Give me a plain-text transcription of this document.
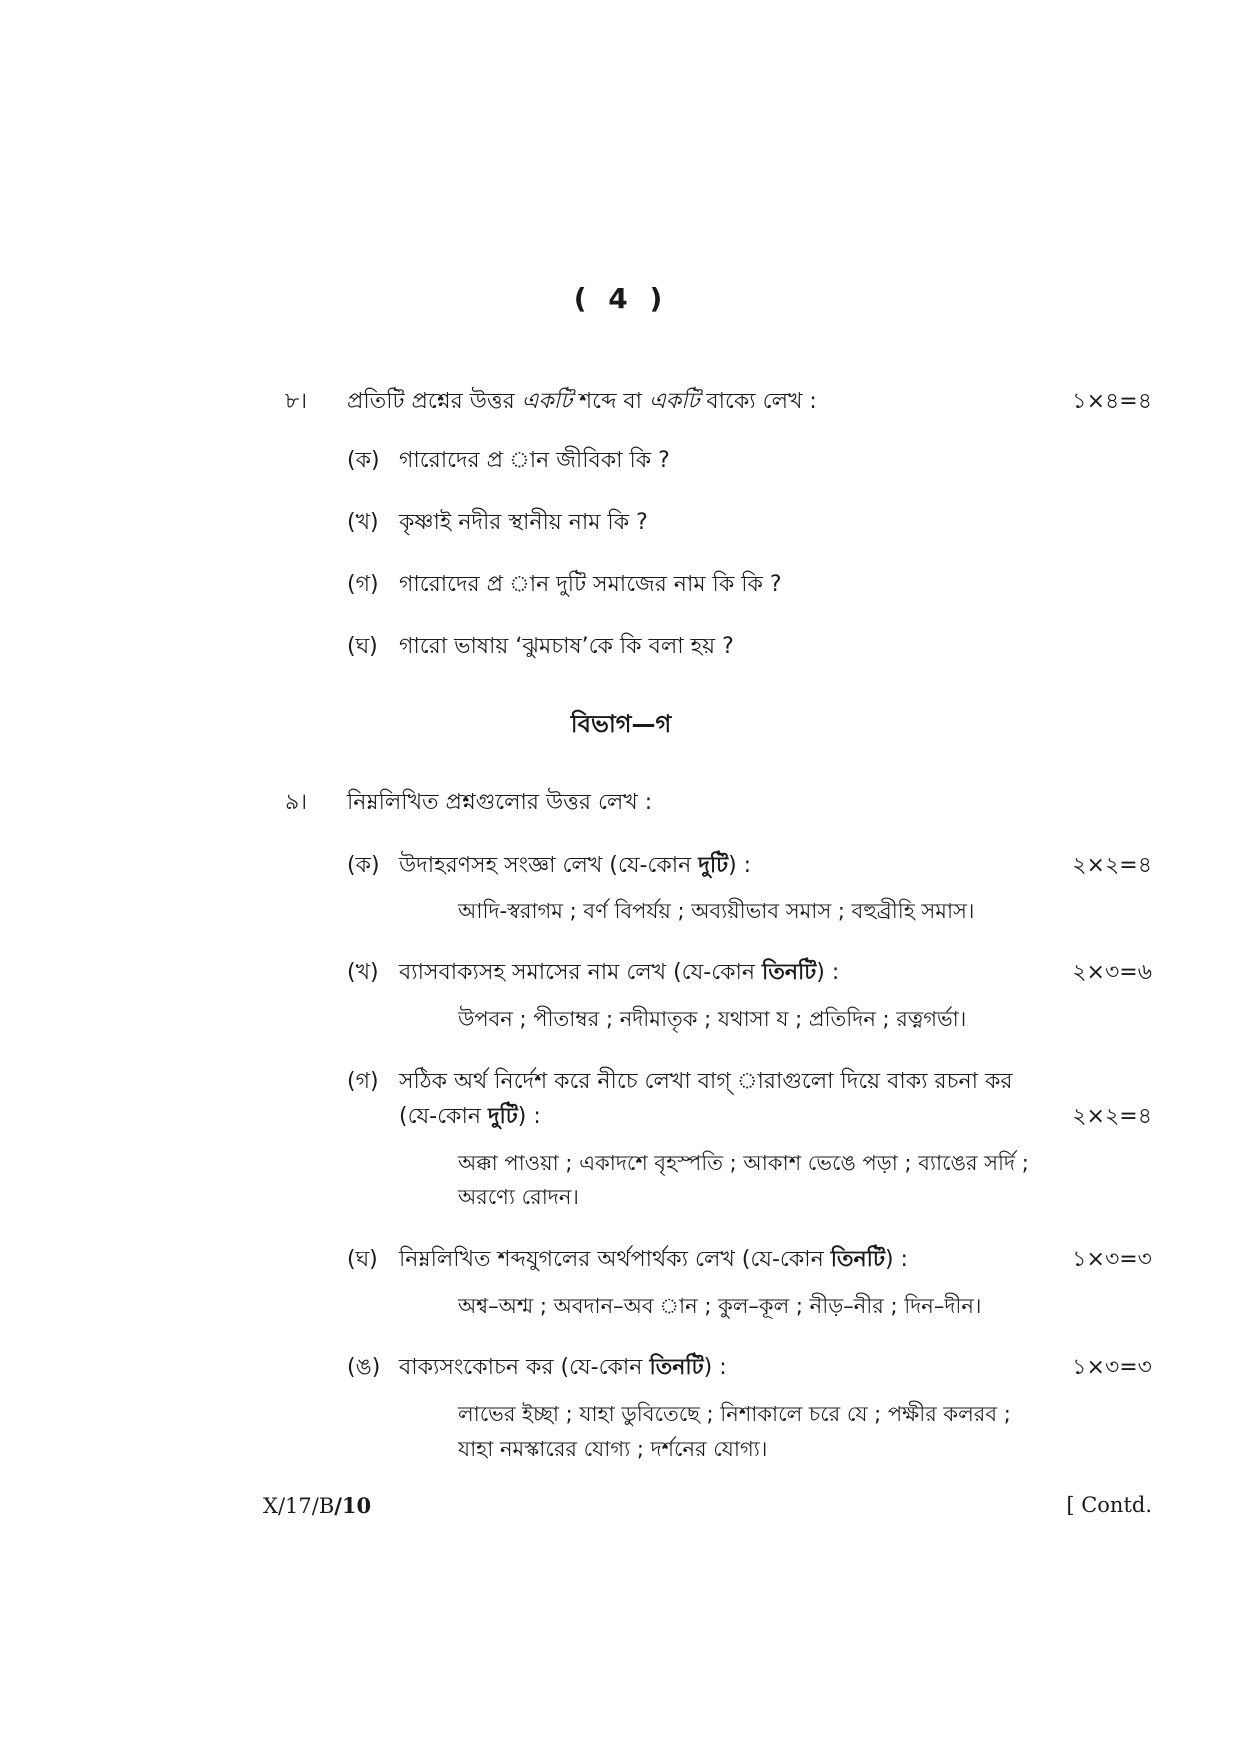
( 4 )
৮। প্রতিটি প্রশ্নের উত্তর একটি শব্দে বা একটি বাক্যে লেখ :	১×৪=৪
(ক) গারোদের প্র ান জীবিকা কি ?
(খ) কৃষ্ণাই নদীর স্থানীয় নাম কি ?
(গ) গারোদের প্র ান দুটি সমাজের নাম কি কি ?
(ঘ) গারো ভাষায় ‘ঝুমচাষ’কে কি বলা হয় ?
বিভাগ—গ
৯। নিম্নলিখিত প্রশ্নগুলোর উত্তর লেখ :
(ক) উদাহরণসহ সংজ্ঞা লেখ (যে-কোন দুটি) :	২×২=৪
আদি-স্বরাগম ; বর্ণ বিপর্যয় ; অব্যয়ীভাব সমাস ; বহুব্রীহি সমাস।
(খ) ব্যাসবাক্যসহ সমাসের নাম লেখ (যে-কোন তিনটি) :	২×৩=৬
উপবন ; পীতাম্বর ; নদীমাতৃক ; যথাসা য ; প্রতিদিন ; রত্নগর্ভা।
(গ) সঠিক অর্থ নির্দেশ করে নীচে লেখা বাগ্ ারাগুলো দিয়ে বাক্য রচনা কর
(যে-কোন দুটি) :	২×২=৪
অক্কা পাওয়া ; একাদশে বৃহস্পতি ; আকাশ ভেঙে পড়া ; ব্যাঙের সর্দি ;
অরণ্যে রোদন।
(ঘ) নিম্নলিখিত শব্দযুগলের অর্থপার্থক্য লেখ (যে-কোন তিনটি) :	১×৩=৩
অশ্ব–অশ্ম ; অবদান–অব ান ; কুল–কূল ; নীড়–নীর ; দিন–দীন।
(ঙ) বাক্যসংকোচন কর (যে-কোন তিনটি) :	১×৩=৩
লাভের ইচ্ছা ; যাহা ডুবিতেছে ; নিশাকালে চরে যে ; পক্ষীর কলরব ;
যাহা নমস্কারের যোগ্য ; দর্শনের যোগ্য।
X/17/B/10	[ Contd.
